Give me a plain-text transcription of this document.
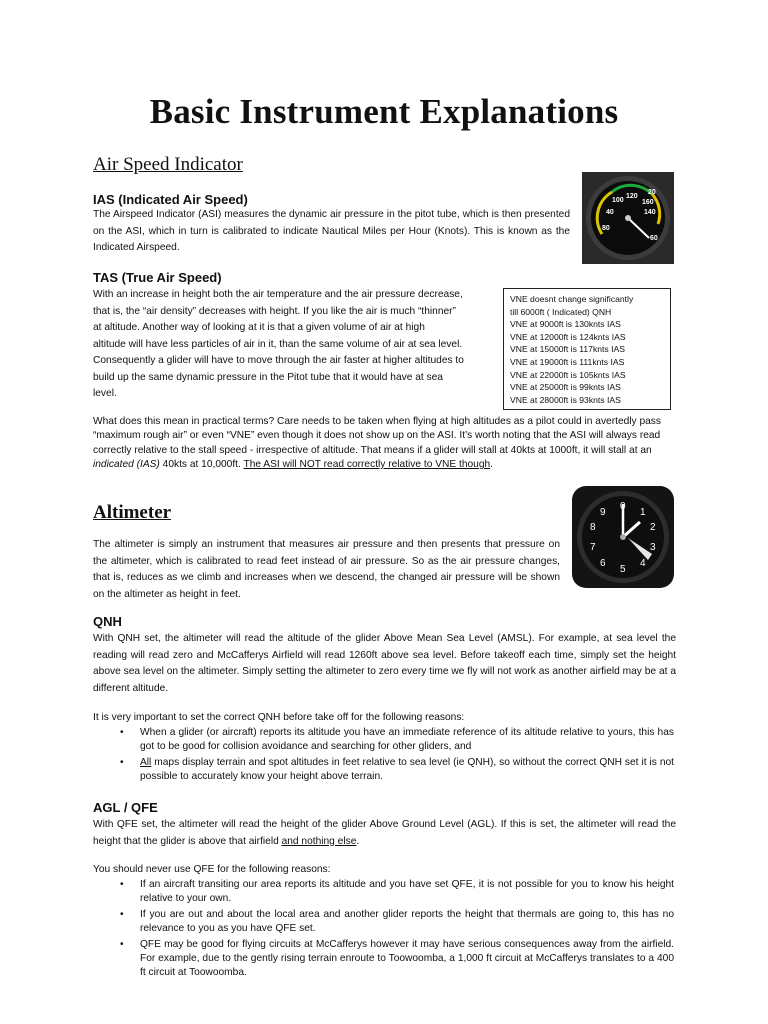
Basic Instrument Explanations
Air Speed Indicator
20
40
60
80
100
120
140
160
IAS (Indicated Air Speed)
The Airspeed Indicator (ASI) measures the dynamic air pressure in the pitot tube, which is then presented on the ASI, which in turn is calibrated to indicate Nautical Miles per Hour (Knots). This is known as the Indicated Airspeed.
TAS (True Air Speed)
With an increase in height both the air temperature and the air pressure decrease,
that is, the “air density” decreases with height. If you like the air is much “thinner”
at altitude. Another way of looking at it is that a given volume of air at high
altitude will have less particles of air in it, than the same volume of air at sea level.
Consequently a glider will have to move through the air faster at higher altitudes to
build up the same dynamic pressure in the Pitot tube that it would have at sea
level.
VNE doesnt change significantly
till 6000ft ( Indicated) QNH
VNE at 9000ft is 130knts IAS
VNE at 12000ft is 124knts IAS
VNE at 15000ft is 117knts IAS
VNE at 19000ft is 111knts IAS
VNE at 22000ft is 105knts IAS
VNE at 25000ft is 99knts IAS
VNE at 28000ft is 93knts IAS
What does this mean in practical terms? Care needs to be taken when flying at high altitudes as a pilot could in avertedly pass “maximum rough air” or even “VNE” even though it does not show up on the ASI. It’s worth noting that the ASI will always read correctly relative to the stall speed - irrespective of altitude. That means if a glider will stall at 40kts at 1000ft, it will stall at an indicated (IAS) 40kts at 10,000ft. The ASI will NOT read correctly relative to VNE though.
Altimeter	0
1
2
3
4
5
6
7
8
9
The altimeter is simply an instrument that measures air pressure and then presents that pressure on the altimeter, which is calibrated to read feet instead of air pressure. So as the air pressure changes, that is, reduces as we climb and increases when we descend, the changed air pressure will be shown on the altimeter as height in feet.
QNH
With QNH set, the altimeter will read the altitude of the glider Above Mean Sea Level (AMSL). For example, at sea level the reading will read zero and McCafferys Airfield will read 1260ft above sea level. Before takeoff each time, simply set the height above sea level on the altimeter. Simply setting the altimeter to zero every time we fly will not work as another airfield may be at a different altitude.
It is very important to set the correct QNH before take off for the following reasons:
• When a glider (or aircraft) reports its altitude you have an immediate reference of its altitude relative to yours, this has got to be good for collision avoidance and searching for other gliders, and
• All maps display terrain and spot altitudes in feet relative to sea level (ie QNH), so without the correct QNH set it is not possible to accurately know your height above terrain.
AGL / QFE
With QFE set, the altimeter will read the height of the glider Above Ground Level (AGL). If this is set, the altimeter will read the height that the glider is above that airfield and nothing else.
You should never use QFE for the following reasons:
• If an aircraft transiting our area reports its altitude and you have set QFE, it is not possible for you to know his height relative to your own.
• If you are out and about the local area and another glider reports the height that thermals are going to, this has no relevance to you as you have QFE set.
• QFE may be good for flying circuits at McCafferys however it may have serious consequences away from the airfield. For example, due to the gently rising terrain enroute to Toowoomba, a 1,000 ft circuit at McCafferys translates to a 400 ft circuit at Toowoomba.
